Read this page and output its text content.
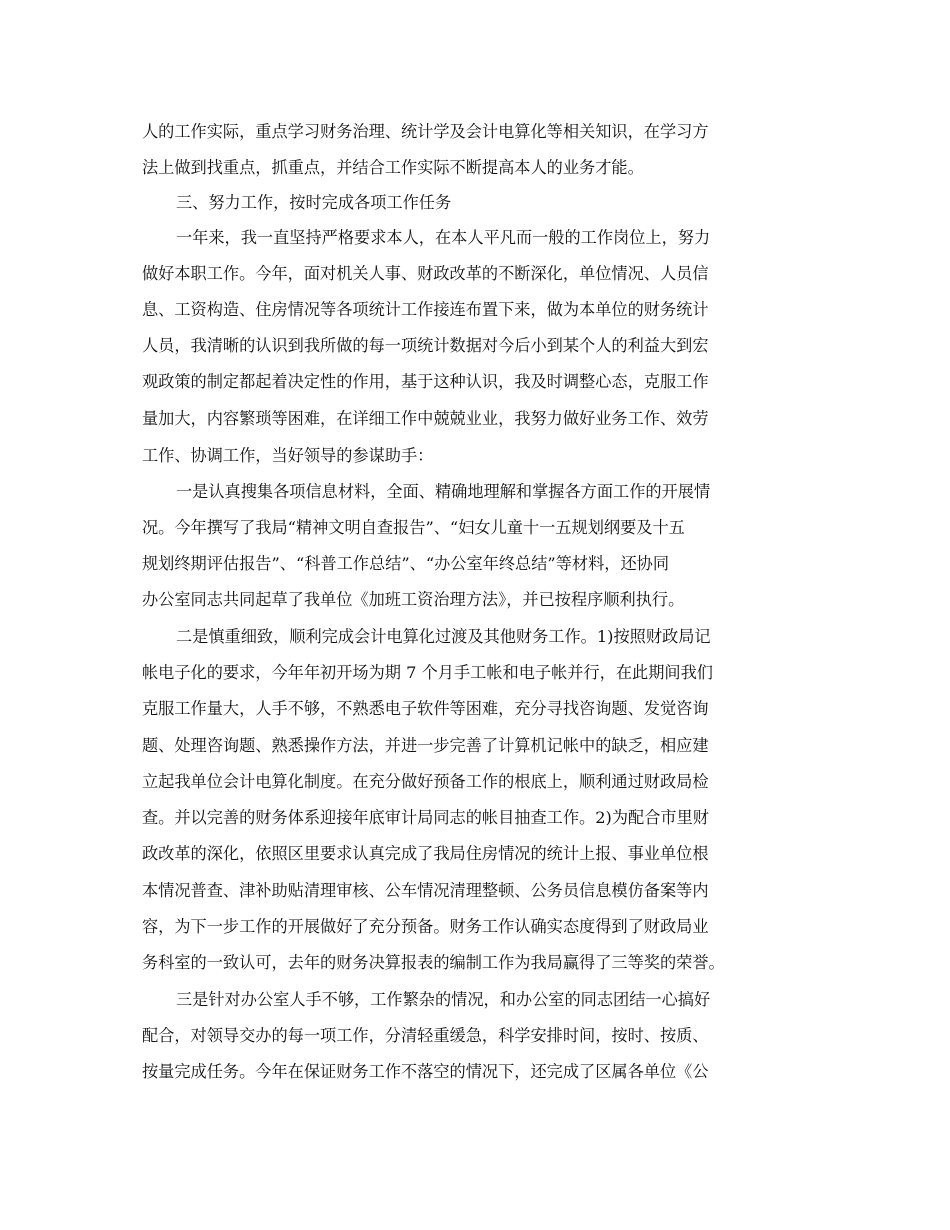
人的工作实际，重点学习财务治理、统计学及会计电算化等相关知识，在学习方
法上做到找重点，抓重点，并结合工作实际不断提高本人的业务才能。
三、努力工作，按时完成各项工作任务
一年来，我一直坚持严格要求本人，在本人平凡而一般的工作岗位上，努力
做好本职工作。今年，面对机关人事、财政改革的不断深化，单位情况、人员信
息、工资构造、住房情况等各项统计工作接连布置下来，做为本单位的财务统计
人员，我清晰的认识到我所做的每一项统计数据对今后小到某个人的利益大到宏
观政策的制定都起着决定性的作用，基于这种认识，我及时调整心态，克服工作
量加大，内容繁琐等困难，在详细工作中兢兢业业，我努力做好业务工作、效劳
工作、协调工作，当好领导的参谋助手：
一是认真搜集各项信息材料，全面、精确地理解和掌握各方面工作的开展情
况。今年撰写了我局“精神文明自查报告”、“妇女儿童十一五规划纲要及十五
规划终期评估报告”、“科普工作总结”、“办公室年终总结”等材料，还协同
办公室同志共同起草了我单位《加班工资治理方法》，并已按程序顺利执行。
二是慎重细致，顺利完成会计电算化过渡及其他财务工作。1)按照财政局记
帐电子化的要求，今年年初开场为期 7 个月手工帐和电子帐并行，在此期间我们
克服工作量大，人手不够，不熟悉电子软件等困难，充分寻找咨询题、发觉咨询
题、处理咨询题、熟悉操作方法，并进一步完善了计算机记帐中的缺乏，相应建
立起我单位会计电算化制度。在充分做好预备工作的根底上，顺利通过财政局检
查。并以完善的财务体系迎接年底审计局同志的帐目抽查工作。2)为配合市里财
政改革的深化，依照区里要求认真完成了我局住房情况的统计上报、事业单位根
本情况普查、津补助贴清理审核、公车情况清理整顿、公务员信息模仿备案等内
容，为下一步工作的开展做好了充分预备。财务工作认确实态度得到了财政局业
务科室的一致认可，去年的财务决算报表的编制工作为我局赢得了三等奖的荣誉。
三是针对办公室人手不够，工作繁杂的情况，和办公室的同志团结一心搞好
配合，对领导交办的每一项工作，分清轻重缓急，科学安排时间，按时、按质、
按量完成任务。今年在保证财务工作不落空的情况下，还完成了区属各单位《公
